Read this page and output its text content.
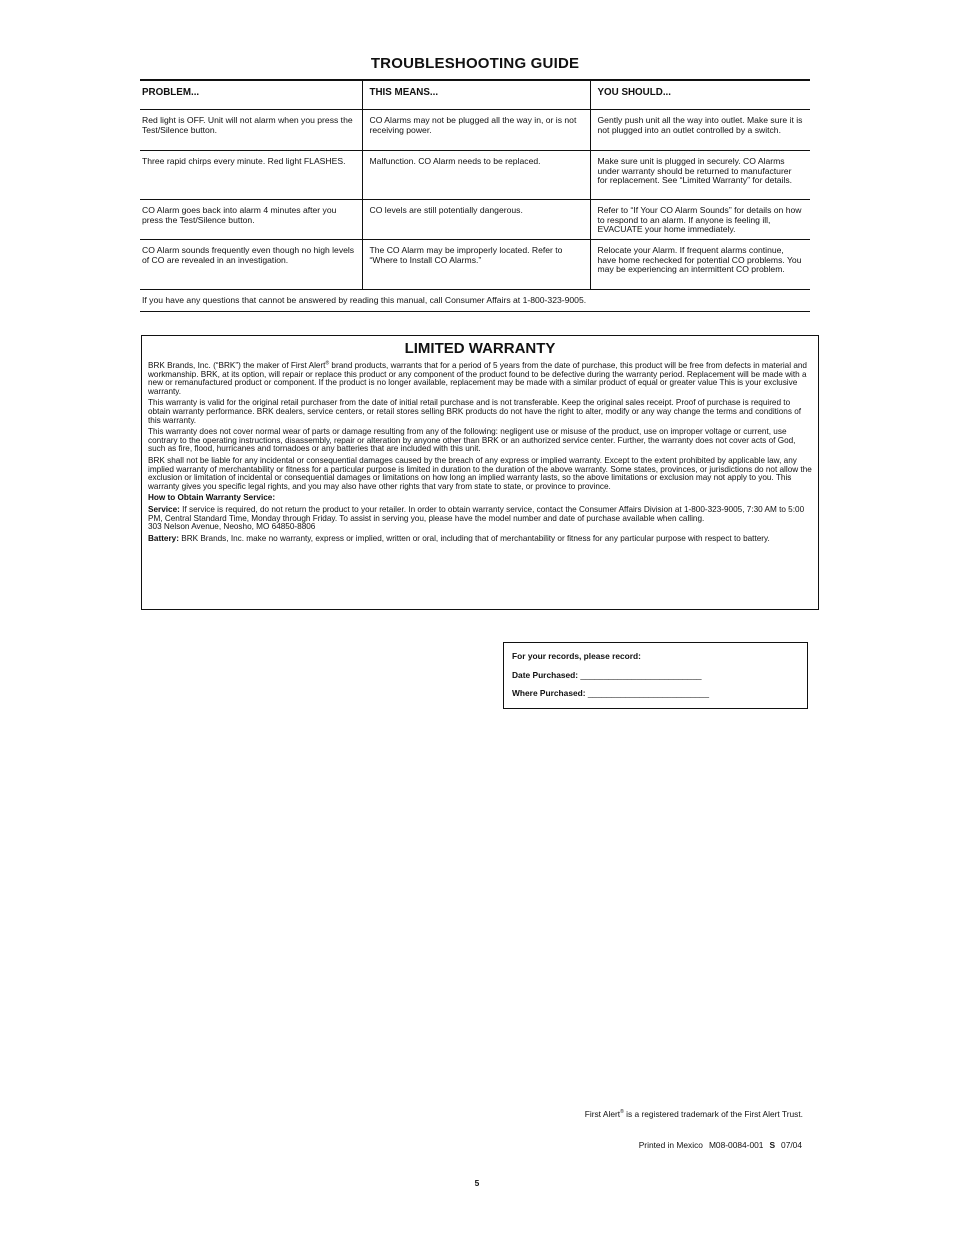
TROUBLESHOOTING GUIDE
PROBLEM...	THIS MEANS...	YOU SHOULD...
Red light is OFF. Unit will not alarm when you press the Test/Silence button.	CO Alarms may not be plugged all the way in, or is not receiving power.	Gently push unit all the way into outlet. Make sure it is not plugged into an outlet controlled by a switch.
Three rapid chirps every minute. Red light FLASHES.	Malfunction. CO Alarm needs to be replaced.	Make sure unit is plugged in securely. CO Alarms under warranty should be returned to manufacturer for replacement. See “Limited Warranty” for details.
CO Alarm goes back into alarm 4 minutes after you press the Test/Silence button.	CO levels are still potentially dangerous.	Refer to “If Your CO Alarm Sounds” for details on how to respond to an alarm. If anyone is feeling ill, EVACUATE your home immediately.
CO Alarm sounds frequently even though no high levels of CO are revealed in an investigation.	The CO Alarm may be improperly located. Refer to “Where to Install CO Alarms.”	Relocate your Alarm. If frequent alarms continue, have home rechecked for potential CO problems. You may be experiencing an intermittent CO problem.
If you have any questions that cannot be answered by reading this manual, call Consumer Affairs at 1-800-323-9005.		
LIMITED WARRANTY

BRK Brands, Inc. (“BRK”) the maker of First Alert® brand products, warrants that for a period of 5 years from the date of purchase, this product will be free from defects in material and workmanship. BRK, at its option, will repair or replace this product or any component of the product found to be defective during the warranty period. Replacement will be made with a new or remanufactured product or component. If the product is no longer available, replacement may be made with a similar product of equal or greater value This is your exclusive warranty.

This warranty is valid for the original retail purchaser from the date of initial retail purchase and is not transferable. Keep the original sales receipt. Proof of purchase is required to obtain warranty performance. BRK dealers, service centers, or retail stores selling BRK products do not have the right to alter, modify or any way change the terms and conditions of this warranty.

This warranty does not cover normal wear of parts or damage resulting from any of the following: negligent use or misuse of the product, use on improper voltage or current, use contrary to the operating instructions, disassembly, repair or alteration by anyone other than BRK or an authorized service center. Further, the warranty does not cover acts of God, such as fire, flood, hurricanes and tornadoes or any batteries that are included with this unit.

BRK shall not be liable for any incidental or consequential damages caused by the breach of any express or implied warranty. Except to the extent prohibited by applicable law, any implied warranty of merchantability or fitness for a particular purpose is limited in duration to the duration of the above warranty. Some states, provinces, or jurisdictions do not allow the exclusion or limitation of incidental or consequential damages or limitations on how long an implied warranty lasts, so the above limitations or exclusion may not apply to you. This warranty gives you specific legal rights, and you may also have other rights that vary from state to state, or province to province.

How to Obtain Warranty Service:

Service: If service is required, do not return the product to your retailer. In order to obtain warranty service, contact the Consumer Affairs Division at 1-800-323-9005, 7:30 AM to 5:00 PM, Central Standard Time, Monday through Friday. To assist in serving you, please have the model number and date of purchase available when calling.
303 Nelson Avenue, Neosho, MO 64850-8806

Battery: BRK Brands, Inc. make no warranty, express or implied, written or oral, including that of merchantability or fitness for any particular purpose with respect to battery.

For your records, please record:
Date Purchased: __________________________
Where Purchased: __________________________
First Alert® is a registered trademark of the First Alert Trust.
Printed in Mexico M08-0084-001 S 07/04
5
